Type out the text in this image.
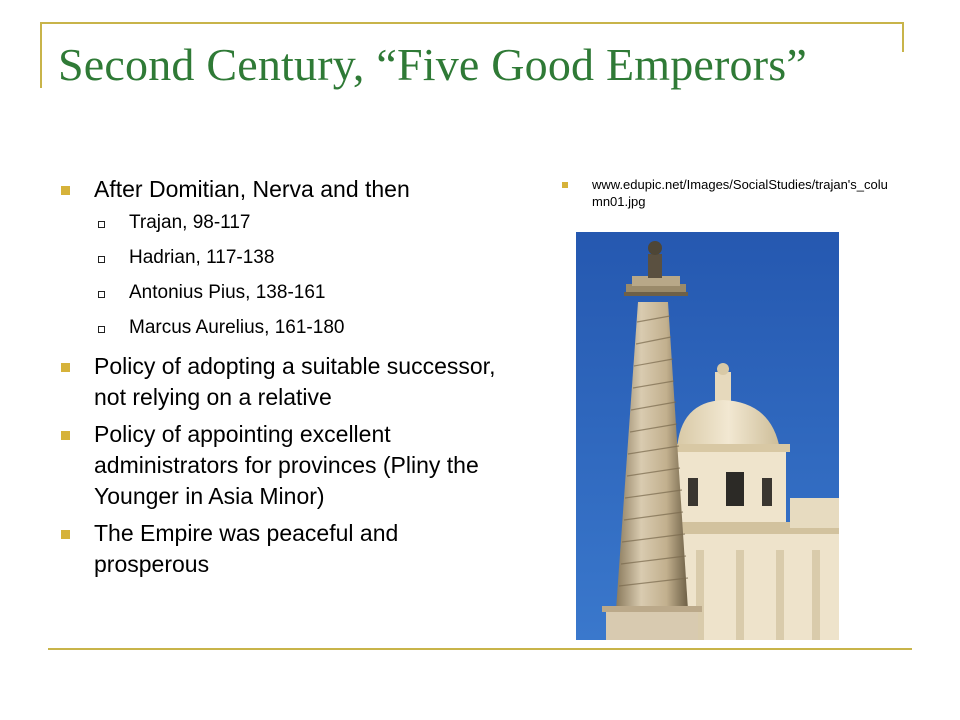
Second Century, “Five Good Emperors”
After Domitian, Nerva and then
Trajan, 98-117
Hadrian, 117-138
Antonius Pius, 138-161
Marcus Aurelius, 161-180
Policy of adopting a suitable successor, not relying on a relative
Policy of appointing excellent administrators for provinces (Pliny the Younger in Asia Minor)
The Empire was peaceful and prosperous
www.edupic.net/Images/SocialStudies/trajan's_column01.jpg
